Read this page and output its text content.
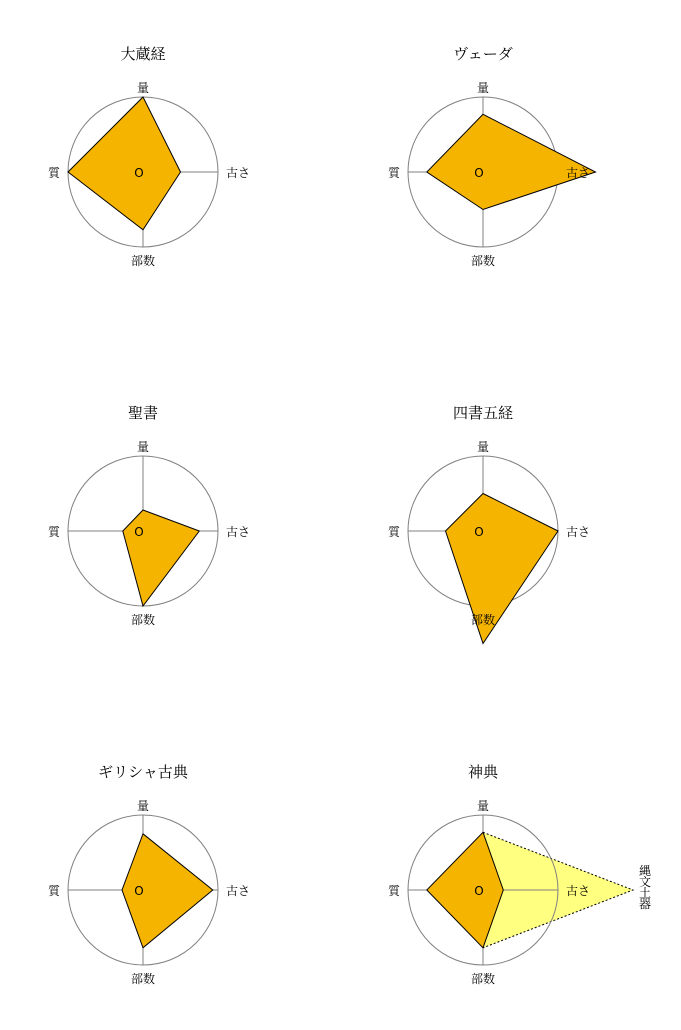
大蔵経
O
量
古さ
部数
質
ヴェーダ
O
量
古さ
部数
質
聖書
O
量
古さ
部数
質
四書五経
O
量
古さ
部数
質
ギリシャ古典
O
量
古さ
部数
質
神典
O
量
古さ
部数
質
縄文土器
